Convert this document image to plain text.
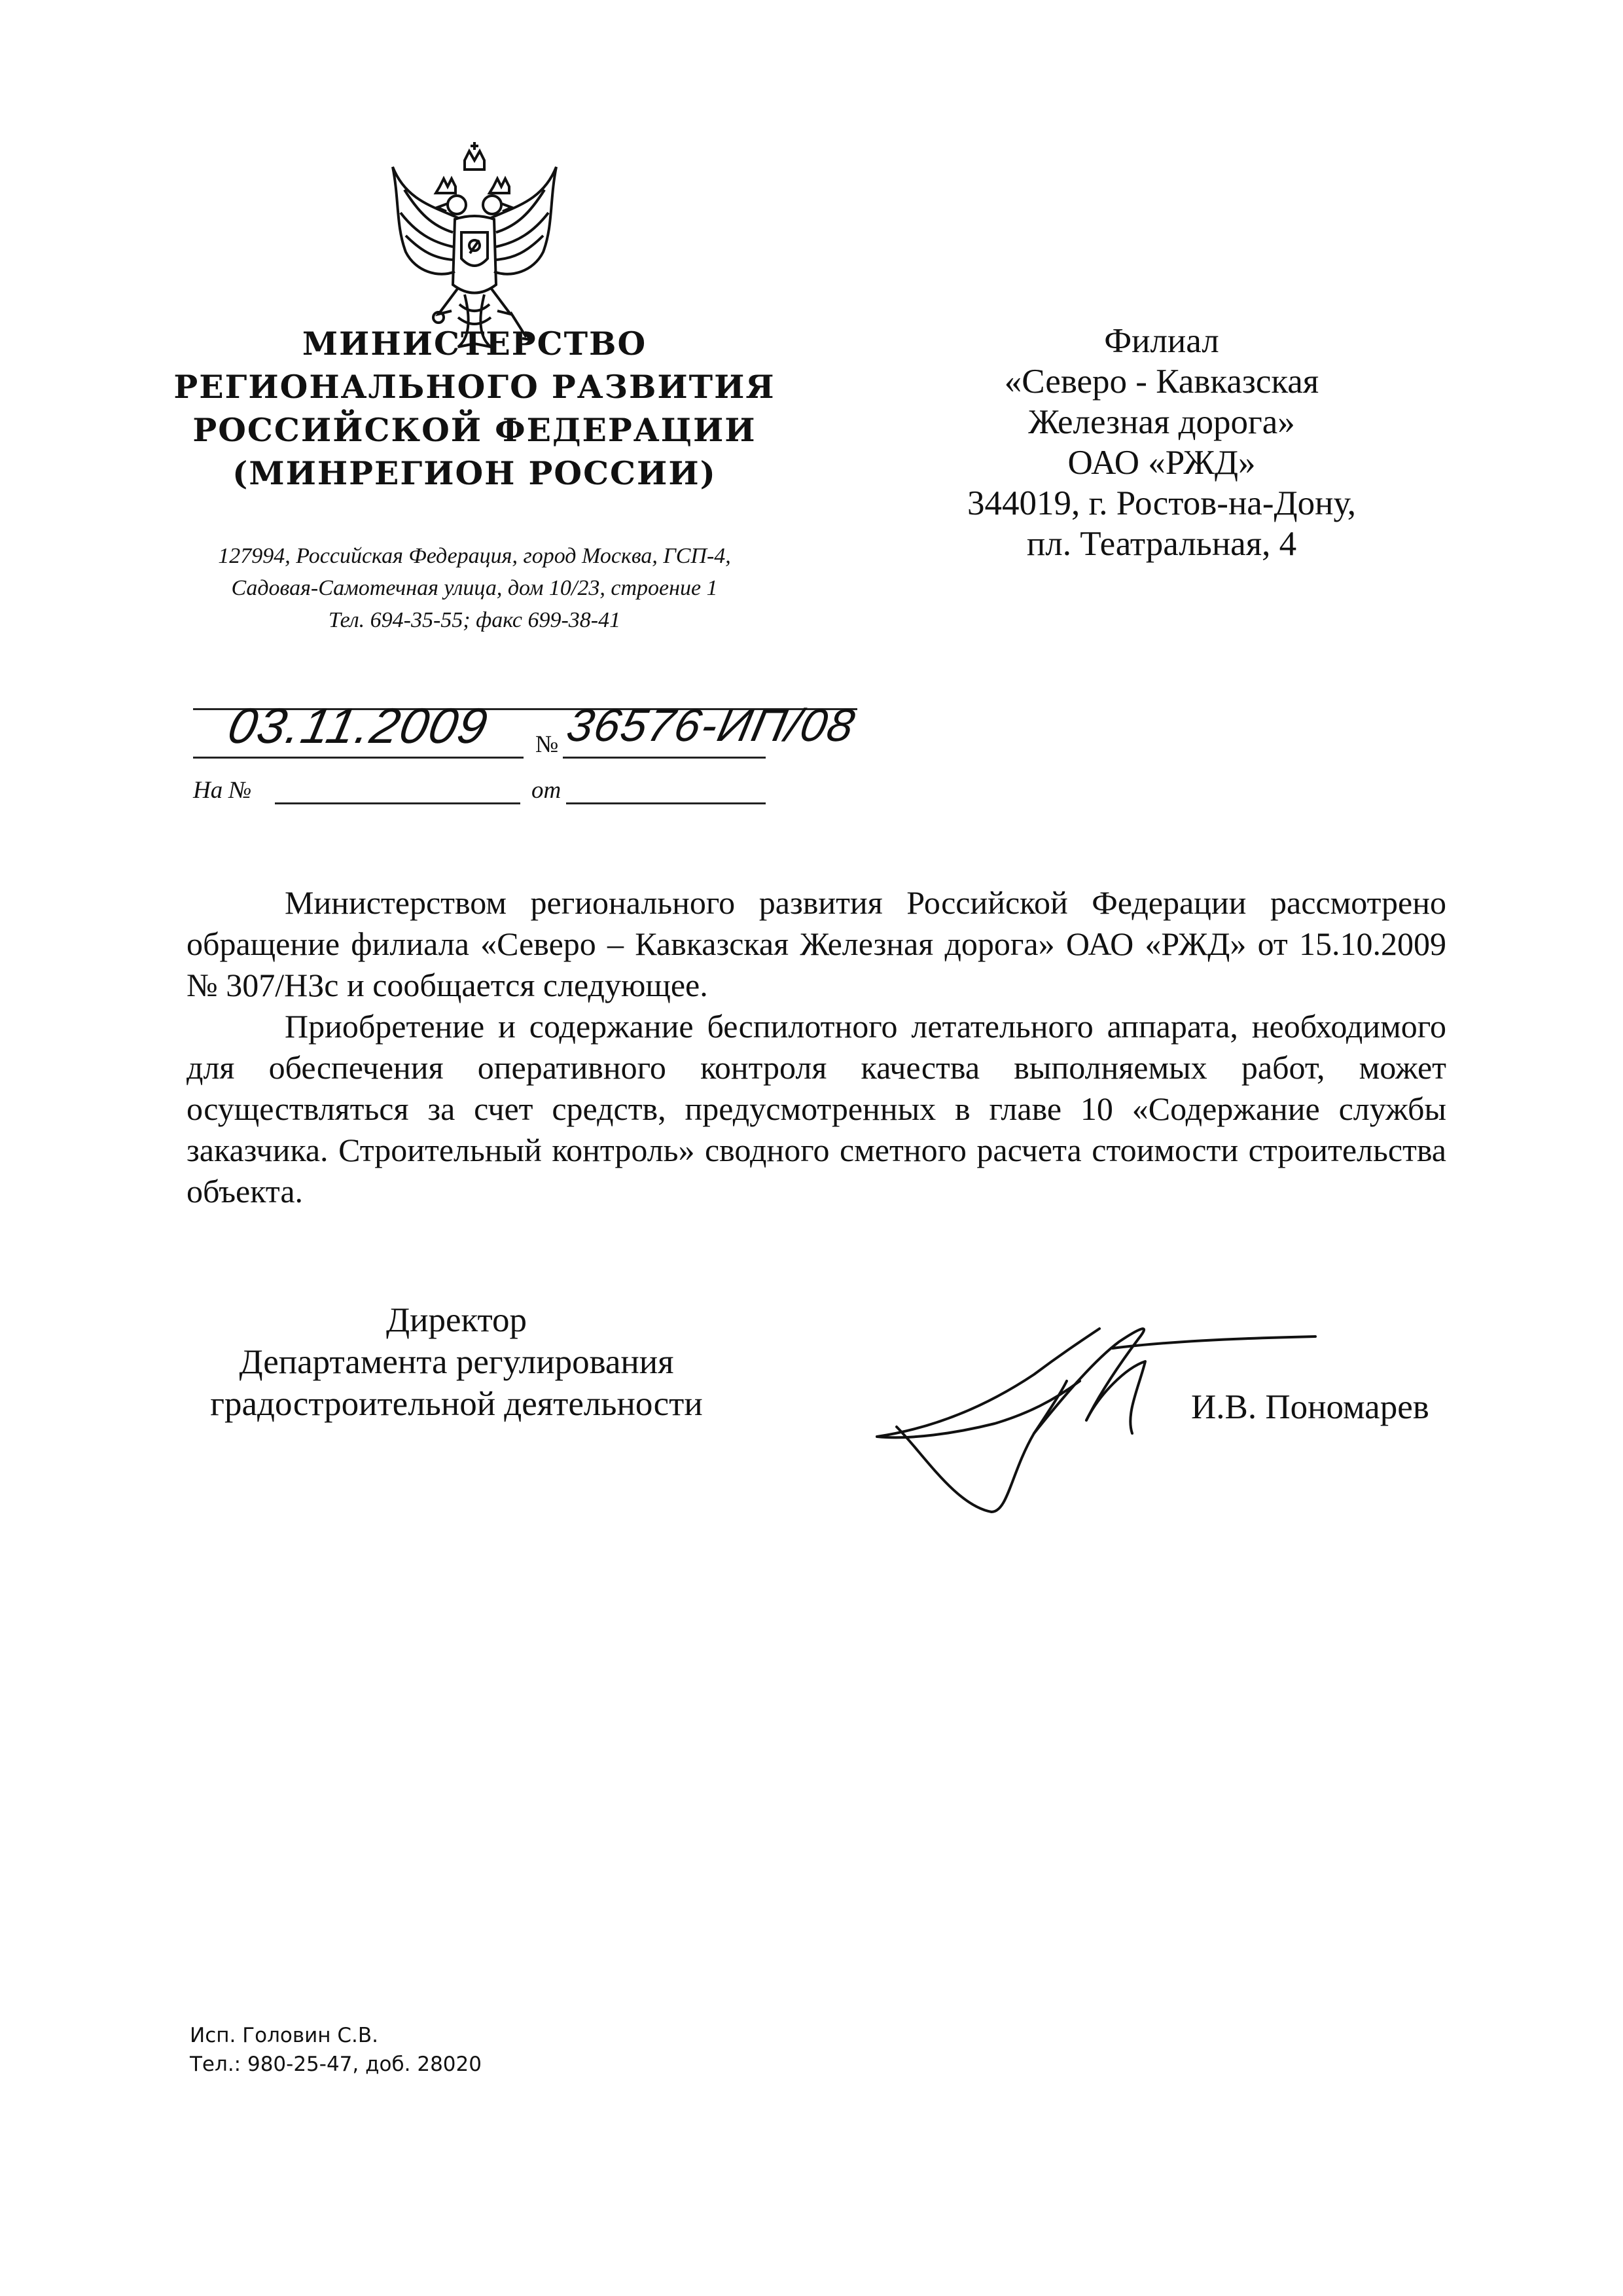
МИНИСТЕРСТВО
РЕГИОНАЛЬНОГО РАЗВИТИЯ
РОССИЙСКОЙ ФЕДЕРАЦИИ
(МИНРЕГИОН РОССИИ)
127994, Российская Федерация, город Москва, ГСП-4,
Садовая-Самотечная улица, дом 10/23, строение 1
Тел. 694-35-55; факс 699-38-41
Филиал
«Северо - Кавказская
Железная дорога»
ОАО «РЖД»
344019, г. Ростов-на-Дону,
пл. Театральная, 4
03.11.2009 № 36576-ИП/08
На №	от

Министерством регионального развития Российской Федерации рассмотрено обращение филиала «Северо – Кавказская Железная дорога» ОАО «РЖД» от 15.10.2009 № 307/НЗс и сообщается следующее.

Приобретение и содержание беспилотного летательного аппарата, необходимого для обеспечения оперативного контроля качества выполняемых работ, может осуществляться за счет средств, предусмотренных в главе 10 «Содержание службы заказчика. Строительный контроль» сводного сметного расчета стоимости строительства объекта.

Директор
Департамента регулирования
градостроительной деятельности	И.В. Пономарев
Исп. Головин С.В.
Тел.: 980-25-47, доб. 28020
